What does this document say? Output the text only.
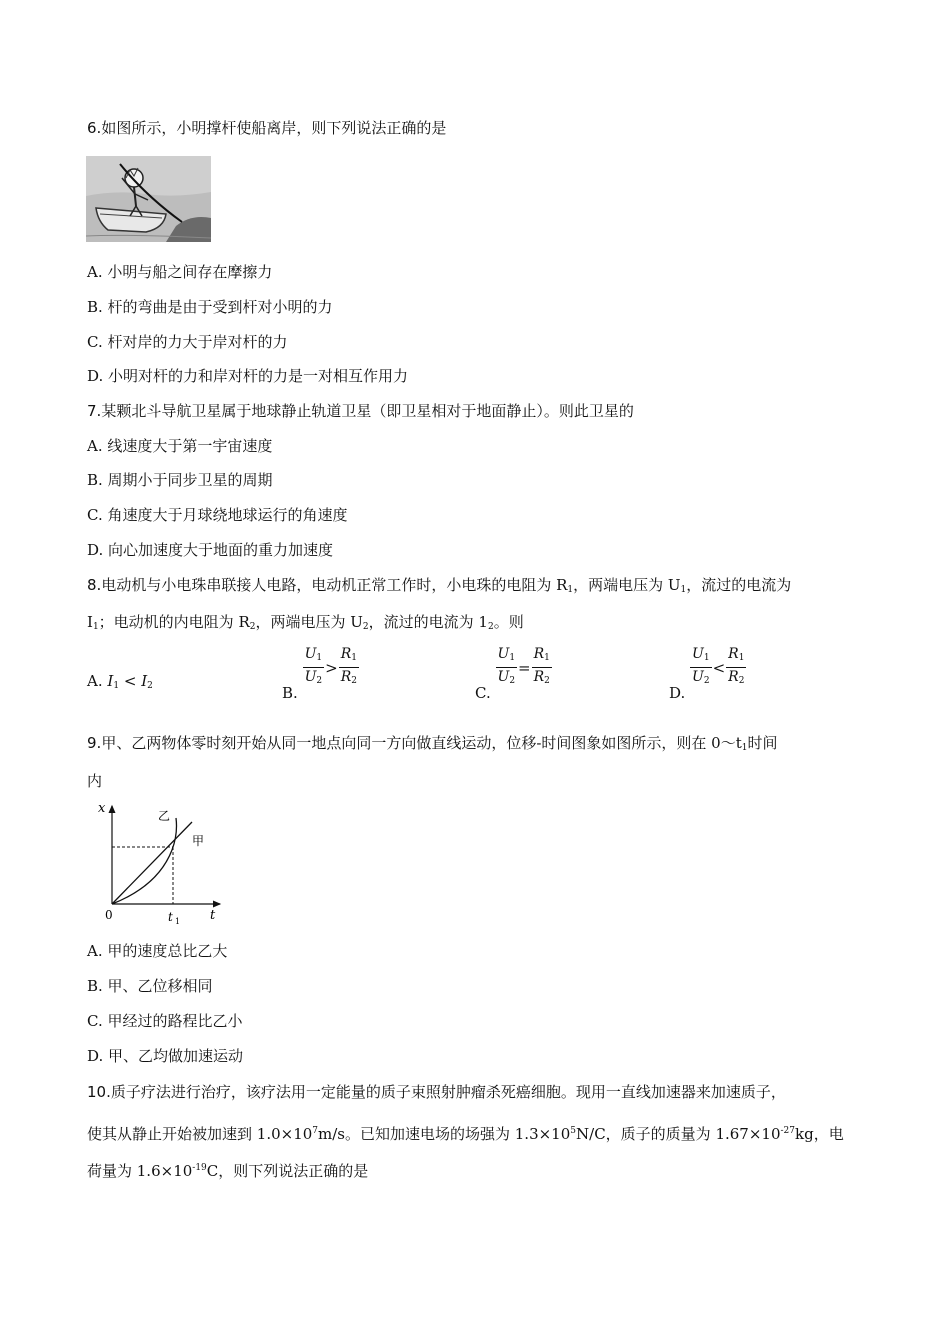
6.如图所示，小明撑杆使船离岸，则下列说法正确的是
A. 小明与船之间存在摩擦力
B. 杆的弯曲是由于受到杆对小明的力
C. 杆对岸的力大于岸对杆的力
D. 小明对杆的力和岸对杆的力是一对相互作用力
7.某颗北斗导航卫星属于地球静止轨道卫星（即卫星相对于地面静止）。则此卫星的
A. 线速度大于第一宇宙速度
B. 周期小于同步卫星的周期
C. 角速度大于月球绕地球运行的角速度
D. 向心加速度大于地面的重力加速度
8.电动机与小电珠串联接人电路，电动机正常工作时，小电珠的电阻为 $R_1$，两端电压为 $U_1$，流过的电流为
$I_1$；电动机的内电阻为 $R_2$，两端电压为 $U_2$，流过的电流为 $1_2$。则
A. $I_1 < I_2$	B.
$\frac{U_1}{U_2} > \frac{R_1}{R_2}$
C.
$\frac{U_1}{U_2} = \frac{R_1}{R_2}$
D.
$\frac{U_1}{U_2} < \frac{R_1}{R_2}$
9.甲、乙两物体零时刻开始从同一地点向同一方向做直线运动，位移-时间图象如图所示，则在 $0\sim t_1$时间
内
x
t
0	t 1
乙
甲
A. 甲的速度总比乙大
B. 甲、乙位移相同
C. 甲经过的路程比乙小
D. 甲、乙均做加速运动
10.质子疗法进行治疗，该疗法用一定能量的质子束照射肿瘤杀死癌细胞。现用一直线加速器来加速质子，
使其从静止开始被加速到 $1.0\times 10^7m/s$。已知加速电场的场强为 $1.3\times 10^5N/C$，质子的质量为 $1.67\times 10^{-27}kg$，电
荷量为 $1.6\times 10^{-19}C$，则下列说法正确的是
